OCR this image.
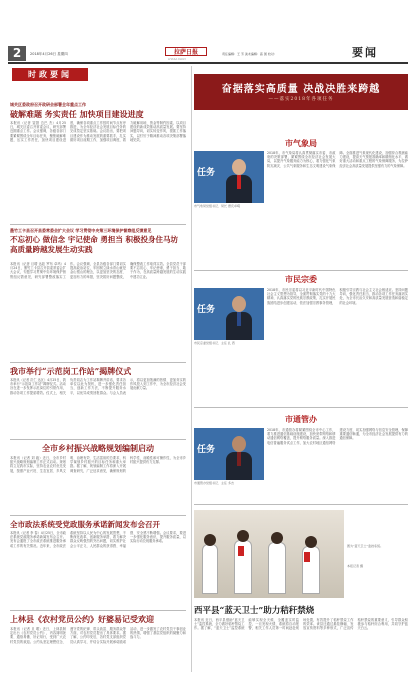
2	2018年4月26日 星期四	拉萨日报
LHASA DAILY
责任编辑：王 芳 美术编辑：高 国 校对：	要闻
时政要闻
城关区委政府召开政研会部署全年重点工作
破解难题 务实责任 加快项目建设进度
本报讯（记者 鉴措 边巴 杰）4月25日，城关区委召开常委会议，研究部署近期重点工作。会议强调，各级各部门要紧紧围绕全年目标任务，聚焦破解难题，压实工作责任，加快项目建设进度，确保各项重点工作按时间节点有序推进，为全年经济社会发展目标任务的完成奠定坚实基础。会议指出，要把项目建设作为推动发展的重要抓手，扎实做好项目前期工作，加强项目调度，着力破解用地、资金等制约因素，以项目建设的新成效推动高质量发展。要坚持问题导向，切实转变作风，狠抓工作落实，以钉钉子精神推动各项决策部署落地见效。
墨竹工卡县召开县委常委会扩大会议 学习贯彻中央第三环境保护督察组反馈意见
不忘初心 做信念 宇记使命 勇担当 积极投身住马坊 高质量跨越发展生动实践
本报讯（记者 旦增 达娃 罗布 卓玛）4月24日，墨竹工卡县召开县委常委会扩大会议，专题学习贯彻中央环境保护督察组反馈意见，研究部署整改落实工作。会议强调，全县各级各部门要切实提高政治站位，牢固树立绿水青山就是金山银山的理念，以更加坚决的态度、更加有力的举措，坚决抓好问题整改，确保整改工作取得实效。全县党员干部要不忘初心、牢记使命，勇于担当、敢于作为，在高质量跨越发展的生动实践中建功立业。
我市举行“示范岗工作站”揭牌仪式
本报讯（记者 次仁 达瓦）4月25日，我市举行“示范岗工作站”揭牌仪式。活动旨在进一步发挥示范岗位的引领作用，推动各项工作提质增效。仪式上，相关负责同志为工作站揭牌并讲话，要求各单位以此为契机，进一步强化责任担当，创新工作方法，不断提升服务水平，以优异成绩回报群众。与会人员表示，将以更加饱满的热情、更加务实的作风投入到工作中，为全市经济社会发展贡献力量。
全市乡村振兴战略规划编制启动
本报讯（记者 刘 毅）近日，全市乡村振兴战略规划编制工作正式启动。规划将立足我市实际，坚持农业农村优先发展，按照产业兴旺、生态宜居、乡风文明、治理有效、生活富裕的总要求，科学谋划乡村振兴的目标任务和重大举措。据了解，规划编制工作将深入开展调查研究，广泛征求意见，确保规划的科学性、前瞻性和可操作性，为全市乡村振兴提供有力支撑。
全市政法系统受党政服务承诺新闻发布会召开
本报讯（记者 李 春）4月25日，全市政法系统党政服务承诺新闻发布会召开。发布会通报了全市政法系统推进服务承诺工作的有关情况。近年来，全市政法系统坚持以人民为中心的发展思想，不断深化改革，创新服务举措，着力解决群众反映强烈的突出问题，切实维护社会公平正义，人民群众的获得感、幸福感、安全感不断增强。会议要求，要进一步强化服务意识，提升服务质量，以实际行动兑现服务承诺。
上林县《农村党员公约》好婆易记受欢迎
本报讯（记者 旦 增）近日，上林县制定出台《农村党员公约》，内容简明扼要、通俗易懂、好记易行，受到广大农村党员的欢迎。公约从坚定理想信念、遵守党的纪律、带头致富、服务群众等方面，对农村党员提出了具体要求。据了解，公约印发后，各村党支部组织党员认真学习，并结合实际开展承诺践诺活动，进一步激发了农村党员干事创业的热情，增强了基层党组织的凝聚力和战斗力。
奋据落实高质量 决战决胜来跨越
——落实2018年各项任务
市气象局
任务
市气象局党组书记、局长 德庆卓嘎
2018年，市气象局将认真贯彻落实市委、市政府的决策部署，紧紧围绕全市经济社会发展大局，以提升气象服务能力为核心，着力强化气象防灾减灾、公共气象服务和生态文明建设气象保障。全面推进气象现代化建设，加强综合观测能力建设，提高天气预报准确率和精细化水平，做好重大活动和重点工程的气象保障服务，为拉萨经济社会高质量发展提供坚强有力的气象保障。
市民宗委
任务
市民宗委党组书记、主任 扎 西
2018年，市民宗委将以习近平新时代中国特色社会主义思想为指导，全面贯彻落实党的十九大精神，认真落实党的民族宗教政策，扎实开展民族团结进步创建活动，依法加强宗教事务管理，积极引导宗教与社会主义社会相适应。坚持问题导向，强化责任担当，推动各项工作任务落到实处，为全市长治久安和高质量发展营造和谐稳定的社会环境。
市通管办
任务
市通管办党组书记、主任 多吉
2018年，市通管办将紧紧围绕全市中心工作，着力推进通信基础设施建设，加快宽带网络和移动通信网络覆盖，提升网络服务质量。深入推进电信普遍服务试点工作，加大农村地区通信网络建设力度，切实加强网络与信息安全管理，保障重要通信畅通，为全市经济社会发展提供有力的通信保障。
图为“蓝天卫士”监控系统。
本报记者 摄
西平县“蓝天卫士”助力秸秆禁烧
本报讯 近日，西平县借助“蓝天卫士”监控系统，全力做好秸秆禁烧工作。据了解，“蓝天卫士”监控系统能够实现全天候、全覆盖实时监控，一旦发现火情，系统将自动报警，相关工作人员第一时间赶赴现场处置，有效提升了秸秆禁烧工作的效率。该县还通过悬挂横幅、发放宣传资料等多种形式，广泛宣传秸秆禁烧的重要意义，引导群众积极参与秸秆综合利用，共同守护蓝天白云。
